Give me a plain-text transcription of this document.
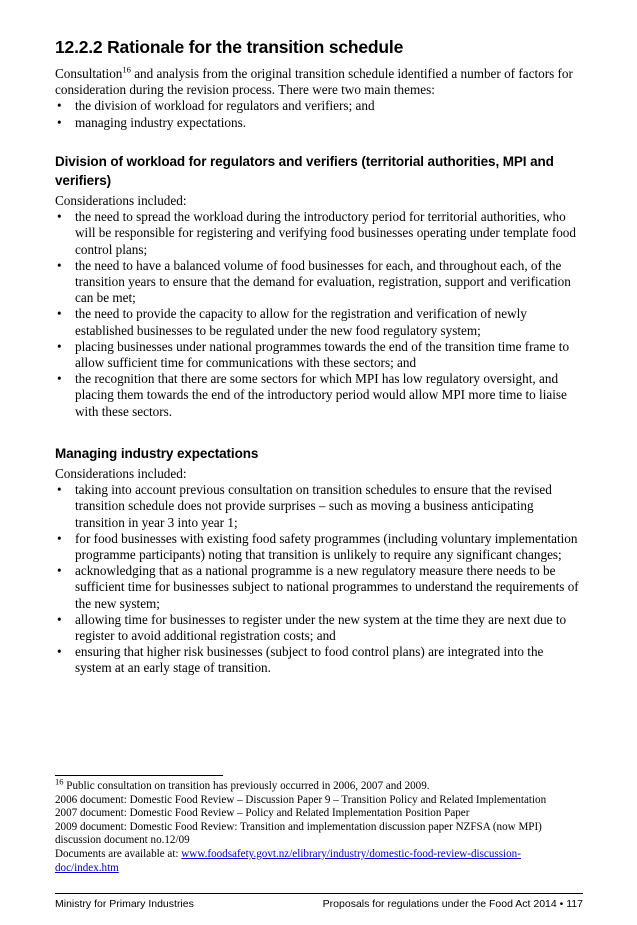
12.2.2 Rationale for the transition schedule

Consultation$^{16}$ and analysis from the original transition schedule identified a number of factors for consideration during the revision process. There were two main themes:

• the division of workload for regulators and verifiers; and
• managing industry expectations.
Division of workload for regulators and verifiers (territorial authorities, MPI and verifiers)

Considerations included:

• the need to spread the workload during the introductory period for territorial authorities, who will be responsible for registering and verifying food businesses operating under template food control plans;
• the need to have a balanced volume of food businesses for each, and throughout each, of the transition years to ensure that the demand for evaluation, registration, support and verification can be met;
• the need to provide the capacity to allow for the registration and verification of newly established businesses to be regulated under the new food regulatory system;
• placing businesses under national programmes towards the end of the transition time frame to allow sufficient time for communications with these sectors; and
• the recognition that there are some sectors for which MPI has low regulatory oversight, and placing them towards the end of the introductory period would allow MPI more time to liaise with these sectors.
Managing industry expectations

Considerations included:

• taking into account previous consultation on transition schedules to ensure that the revised transition schedule does not provide surprises – such as moving a business anticipating transition in year 3 into year 1;
• for food businesses with existing food safety programmes (including voluntary implementation programme participants) noting that transition is unlikely to require any significant changes;
• acknowledging that as a national programme is a new regulatory measure there needs to be sufficient time for businesses subject to national programmes to understand the requirements of the new system;
• allowing time for businesses to register under the new system at the time they are next due to register to avoid additional registration costs; and
• ensuring that higher risk businesses (subject to food control plans) are integrated into the system at an early stage of transition.

$^{16}$ Public consultation on transition has previously occurred in 2006, 2007 and 2009.

2006 document: Domestic Food Review – Discussion Paper 9 – Transition Policy and Related Implementation

2007 document: Domestic Food Review – Policy and Related Implementation Position Paper

2009 document: Domestic Food Review: Transition and implementation discussion paper NZFSA (now MPI) discussion document no.12/09

Documents are available at: www.foodsafety.govt.nz/elibrary/industry/domestic-food-review-discussion-doc/index.htm

Ministry for Primary Industries	Proposals for regulations under the Food Act 2014 • 117
